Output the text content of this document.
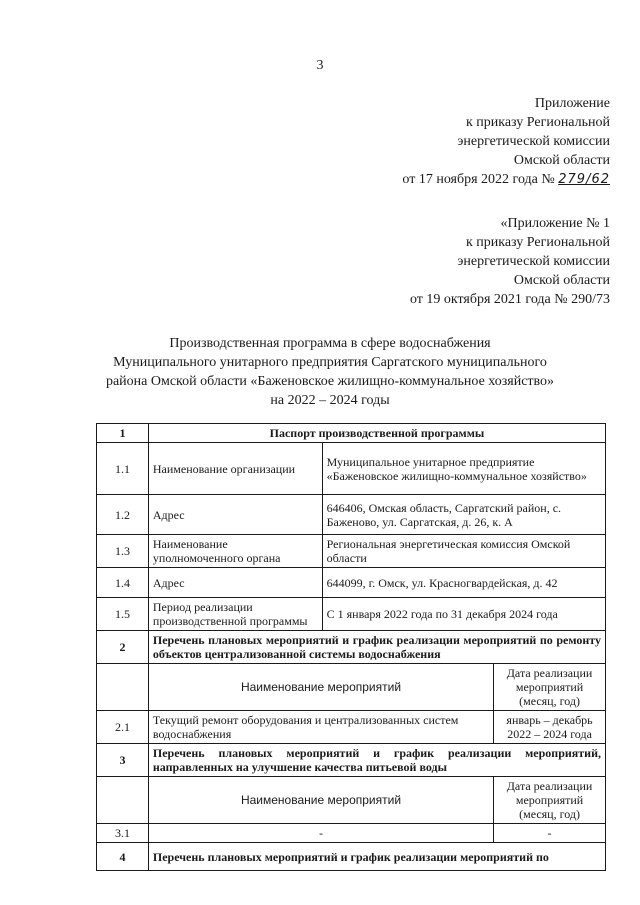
3
Приложение
к приказу Региональной
энергетической комиссии
Омской области
от 17 ноября 2022 года № 279/62
«Приложение № 1
к приказу Региональной
энергетической комиссии
Омской области
от 19 октября 2021 года № 290/73
Производственная программа в сфере водоснабжения
Муниципального унитарного предприятия Саргатского муниципального
района Омской области «Баженовское жилищно-коммунальное хозяйство»
на 2022 – 2024 годы
1	Паспорт производственной программы		
1.1	Наименование организации	Муниципальное унитарное предприятие «Баженовское жилищно-коммунальное хозяйство»	
1.2	Адрес	646406, Омская область, Саргатский район, с. Баженово, ул. Саргатская, д. 26, к. А	
1.3	Наименование уполномоченного органа	Региональная энергетическая комиссия Омской области	
1.4	Адрес	644099, г. Омск, ул. Красногвардейская, д. 42	
1.5	Период реализации производственной программы	С 1 января 2022 года по 31 декабря 2024 года	
2	Перечень плановых мероприятий и график реализации мероприятий по ремонту объектов централизованной системы водоснабжения		
	Наименование мероприятий		Дата реализации мероприятий (месяц, год)
2.1	Текущий ремонт оборудования и централизованных систем водоснабжения		январь – декабрь 2022 – 2024 года
3	Перечень плановых мероприятий и график реализации мероприятий, направленных на улучшение качества питьевой воды		
	Наименование мероприятий		Дата реализации мероприятий (месяц, год)
3.1	-		-
4	Перечень плановых мероприятий и график реализации мероприятий по		
